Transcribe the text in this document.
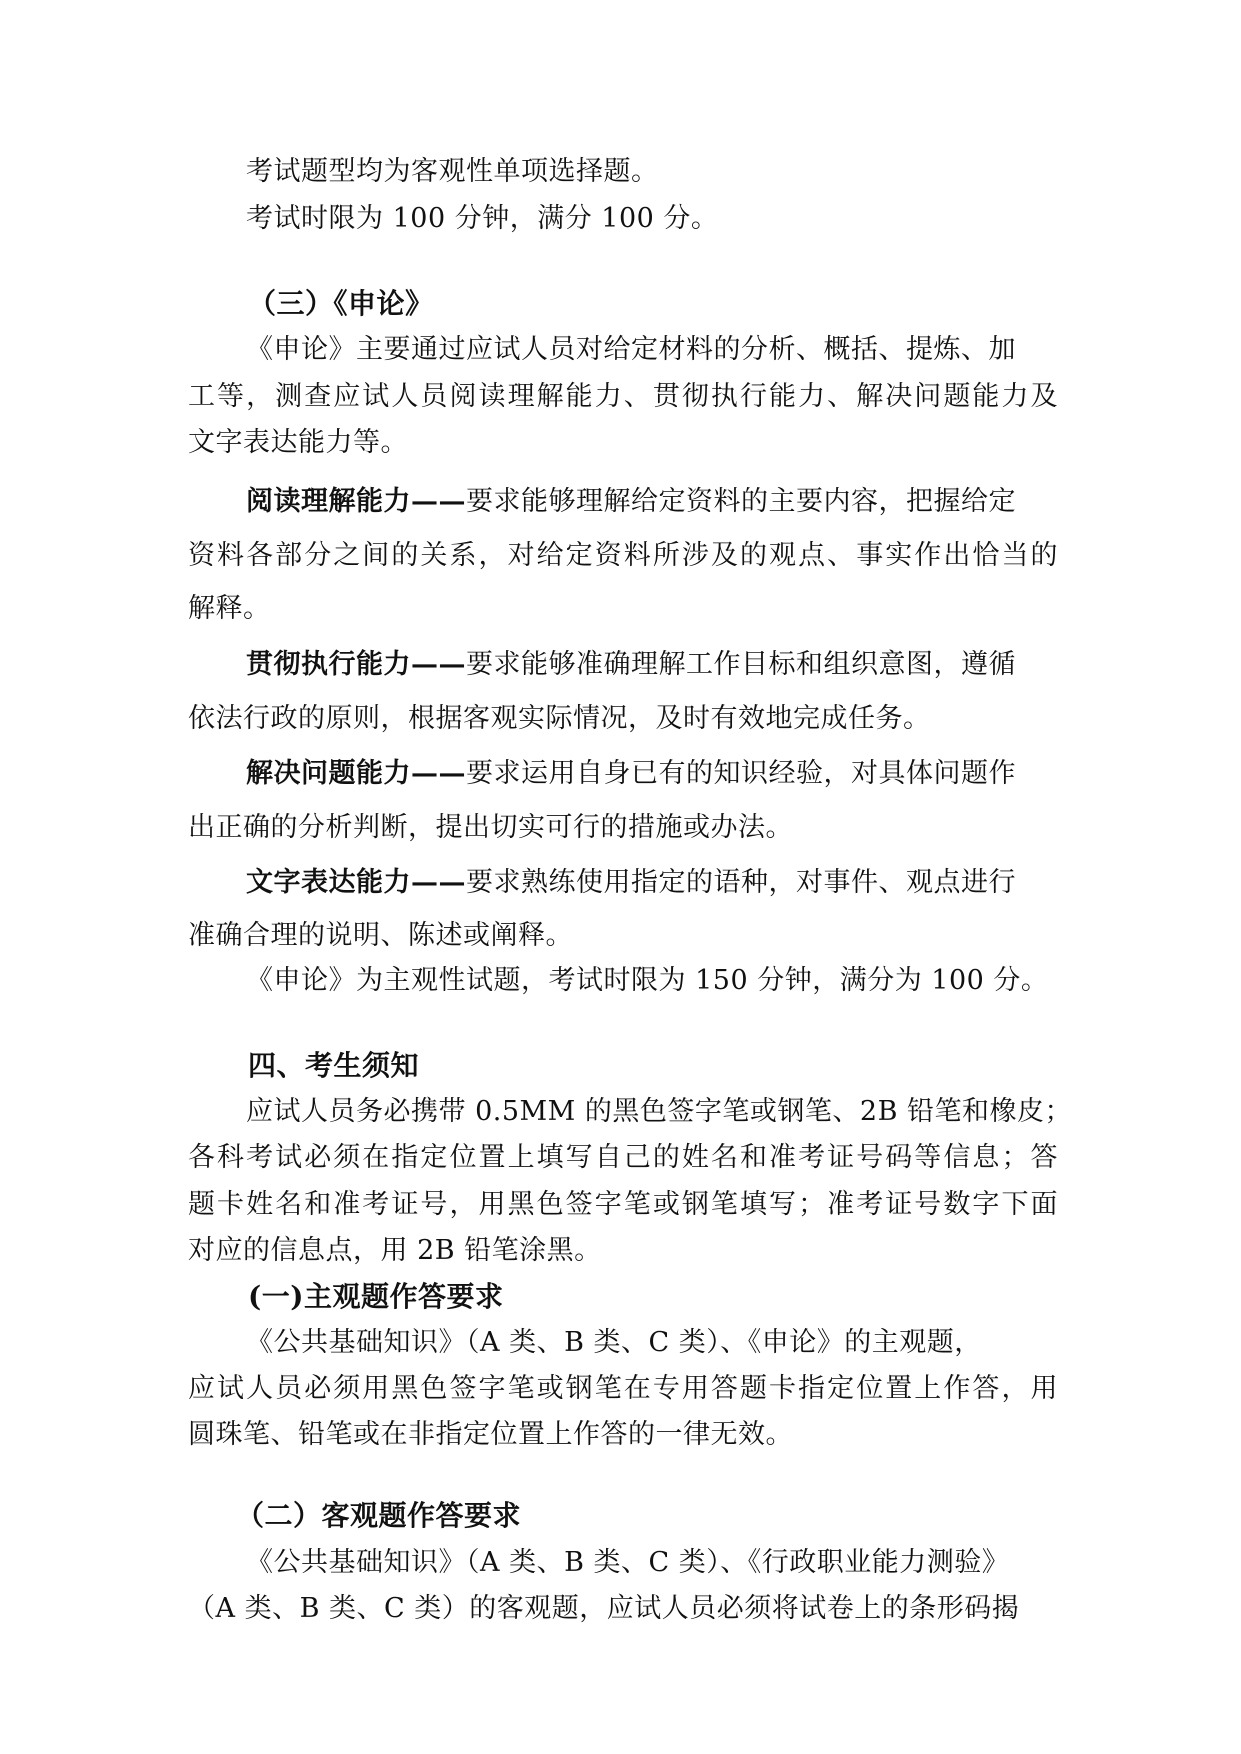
考试题型均为客观性单项选择题。
考试时限为 100 分钟，满分 100 分。
（三）《申论》
《申论》主要通过应试人员对给定材料的分析、概括、提炼、加
工等，测查应试人员阅读理解能力、贯彻执行能力、解决问题能力及
文字表达能力等。
阅读理解能力——要求能够理解给定资料的主要内容，把握给定
资料各部分之间的关系，对给定资料所涉及的观点、事实作出恰当的
解释。
贯彻执行能力——要求能够准确理解工作目标和组织意图，遵循
依法行政的原则，根据客观实际情况，及时有效地完成任务。
解决问题能力——要求运用自身已有的知识经验，对具体问题作
出正确的分析判断，提出切实可行的措施或办法。
文字表达能力——要求熟练使用指定的语种，对事件、观点进行
准确合理的说明、陈述或阐释。
《申论》为主观性试题，考试时限为 150 分钟，满分为 100 分。
四、考生须知
应试人员务必携带 0.5MM 的黑色签字笔或钢笔、2B 铅笔和橡皮；
各科考试必须在指定位置上填写自己的姓名和准考证号码等信息；答
题卡姓名和准考证号，用黑色签字笔或钢笔填写；准考证号数字下面
对应的信息点，用 2B 铅笔涂黑。
(一)主观题作答要求
《公共基础知识》（A 类、B 类、C 类）、《申论》的主观题，
应试人员必须用黑色签字笔或钢笔在专用答题卡指定位置上作答，用
圆珠笔、铅笔或在非指定位置上作答的一律无效。
（二）客观题作答要求
《公共基础知识》（A 类、B 类、C 类）、《行政职业能力测验》
（A 类、B 类、C 类）的客观题，应试人员必须将试卷上的条形码揭
